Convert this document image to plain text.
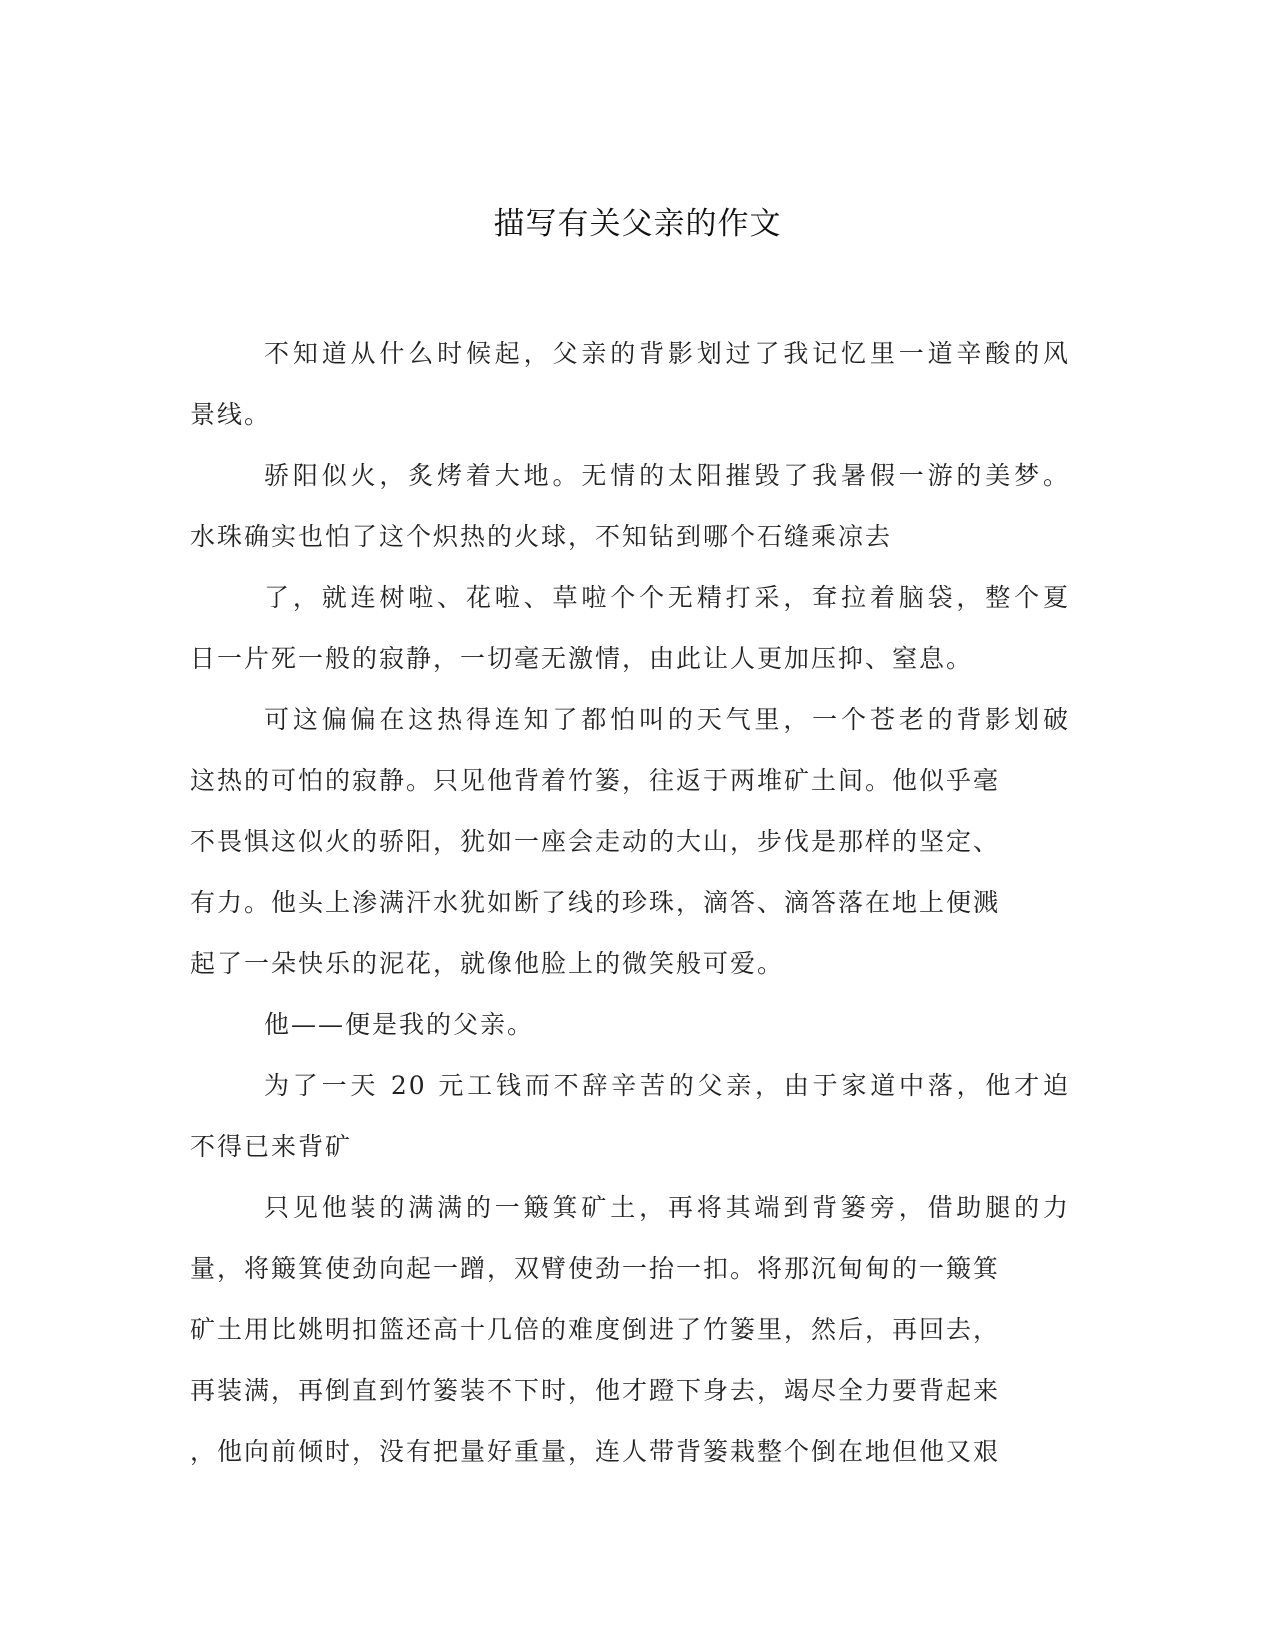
描写有关父亲的作文
不知道从什么时候起，父亲的背影划过了我记忆里一道辛酸的风
景线。
骄阳似火，炙烤着大地。无情的太阳摧毁了我暑假一游的美梦。
水珠确实也怕了这个炽热的火球，不知钻到哪个石缝乘凉去
了，就连树啦、花啦、草啦个个无精打采，耷拉着脑袋，整个夏
日一片死一般的寂静，一切毫无激情，由此让人更加压抑、窒息。
可这偏偏在这热得连知了都怕叫的天气里，一个苍老的背影划破
这热的可怕的寂静。只见他背着竹篓，往返于两堆矿土间。他似乎毫
不畏惧这似火的骄阳，犹如一座会走动的大山，步伐是那样的坚定、
有力。他头上渗满汗水犹如断了线的珍珠，滴答、滴答落在地上便溅
起了一朵快乐的泥花，就像他脸上的微笑般可爱。
他——便是我的父亲。
为了一天 20 元工钱而不辞辛苦的父亲，由于家道中落，他才迫
不得已来背矿
只见他装的满满的一簸箕矿土，再将其端到背篓旁，借助腿的力
量，将簸箕使劲向起一蹭，双臂使劲一抬一扣。将那沉甸甸的一簸箕
矿土用比姚明扣篮还高十几倍的难度倒进了竹篓里，然后，再回去，
再装满，再倒直到竹篓装不下时，他才蹬下身去，竭尽全力要背起来
，他向前倾时，没有把量好重量，连人带背篓栽整个倒在地但他又艰
